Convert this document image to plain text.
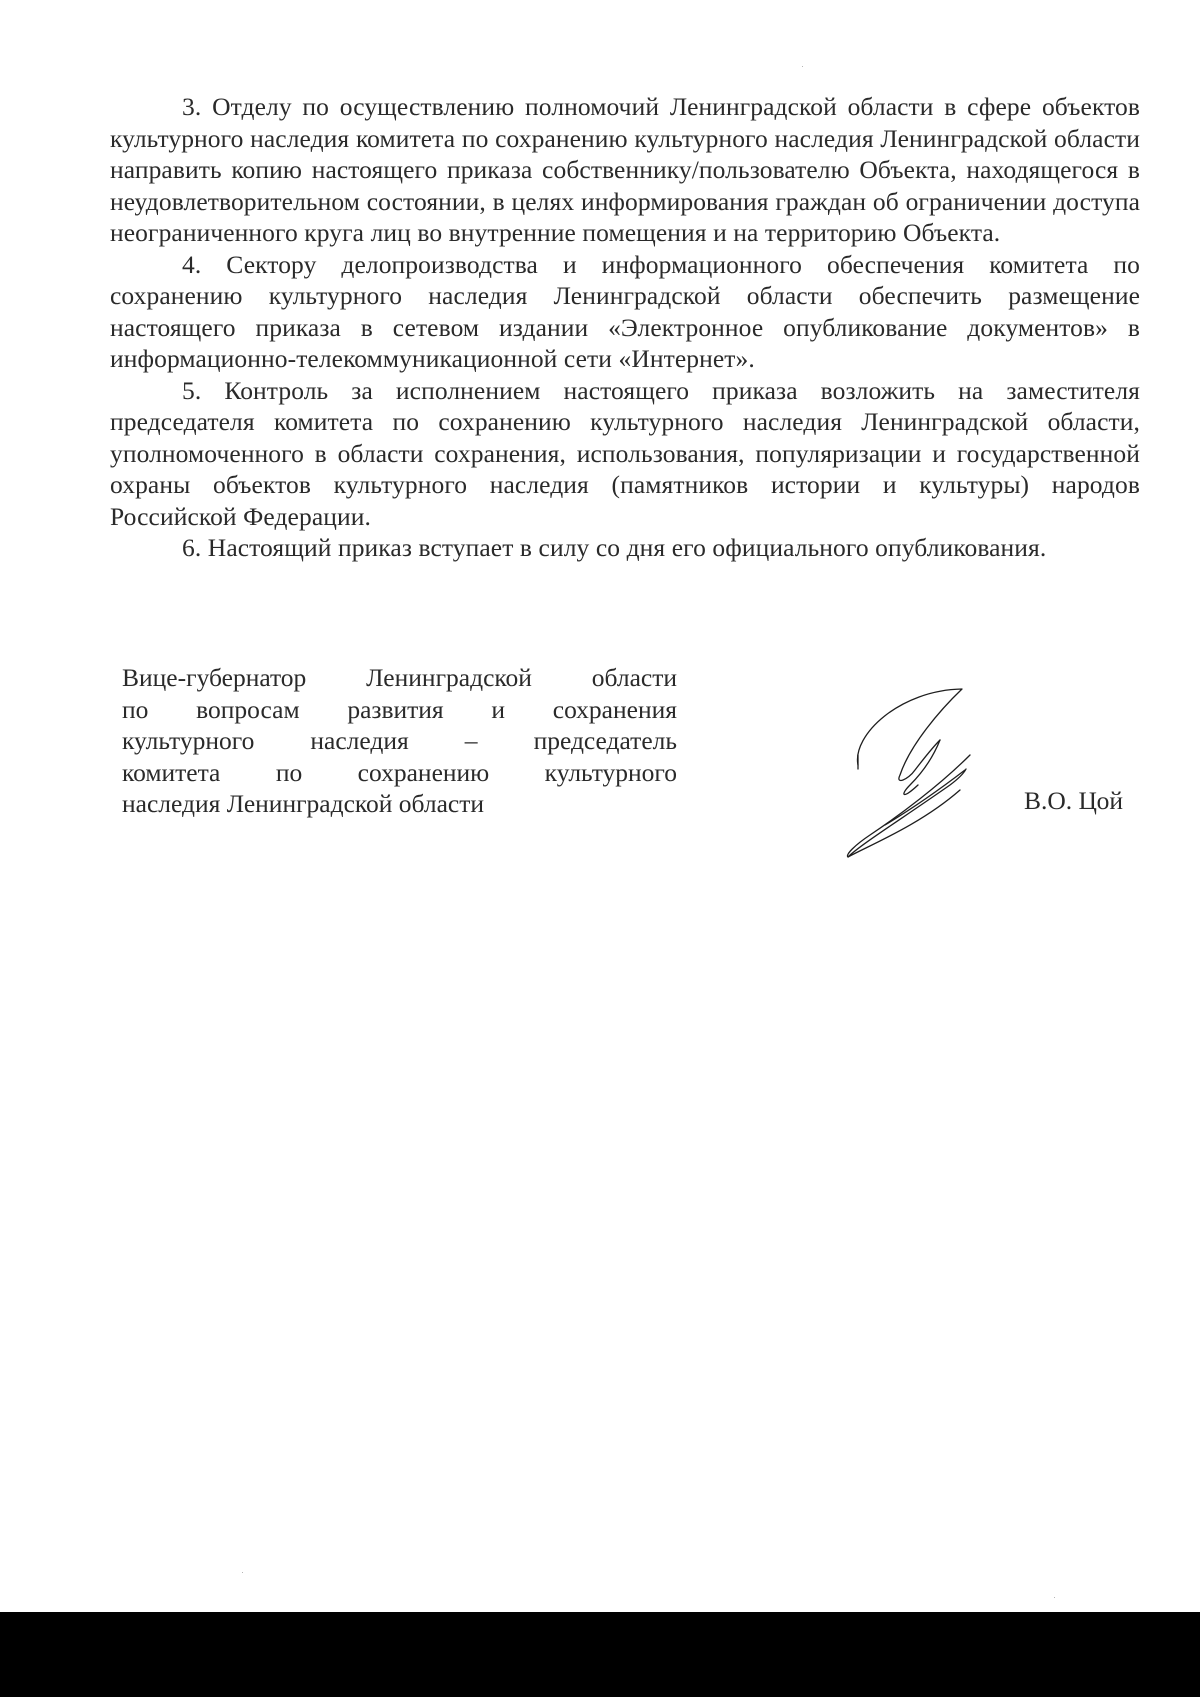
3. Отделу по осуществлению полномочий Ленинградской области в сфере объектов культурного наследия комитета по сохранению культурного наследия Ленинградской области направить копию настоящего приказа собственнику/пользователю Объекта, находящегося в неудовлетворительном состоянии, в целях информирования граждан об ограничении доступа неограниченного круга лиц во внутренние помещения и на территорию Объекта.

4. Сектору делопроизводства и информационного обеспечения комитета по сохранению культурного наследия Ленинградской области обеспечить размещение настоящего приказа в сетевом издании «Электронное опубликование документов» в информационно-телекоммуникационной сети «Интернет».

5. Контроль за исполнением настоящего приказа возложить на заместителя председателя комитета по сохранению культурного наследия Ленинградской области, уполномоченного в области сохранения, использования, популяризации и государственной охраны объектов культурного наследия (памятников истории и культуры) народов Российской Федерации.

6. Настоящий приказ вступает в силу со дня его официального опубликования.

Вице-губернатор Ленинградской области
по вопросам развития и сохранения
культурного наследия – председатель
комитета по сохранению культурного
наследия Ленинградской области	В.О. Цой
